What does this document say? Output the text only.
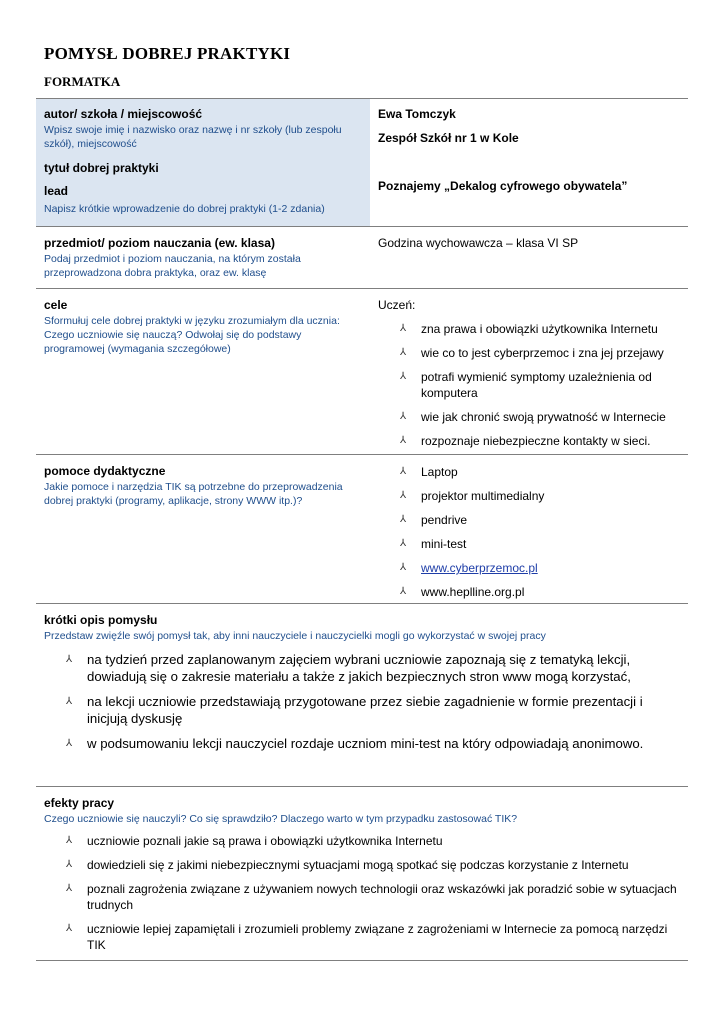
POMYSŁ DOBREJ PRAKTYKI
FORMATKA
autor/ szkoła / miejscowość
Wpisz swoje imię i nazwisko oraz nazwę i nr szkoły (lub zespołu szkół), miejscowość
tytuł dobrej praktyki
lead
Napisz krótkie wprowadzenie do dobrej praktyki (1-2 zdania)
Ewa Tomczyk
Zespół Szkół nr 1 w Kole
Poznajemy „Dekalog cyfrowego obywatela”
przedmiot/ poziom nauczania (ew. klasa)
Podaj przedmiot i poziom nauczania, na którym została przeprowadzona dobra praktyka, oraz ew. klasę
Godzina wychowawcza – klasa VI SP
cele
Sformułuj cele dobrej praktyki w języku zrozumiałym dla ucznia: Czego uczniowie się nauczą? Odwołaj się do podstawy programowej (wymagania szczegółowe)
Uczeń:
⅄ zna prawa i obowiązki użytkownika Internetu
⅄ wie co to jest cyberprzemoc i zna jej przejawy
⅄ potrafi wymienić symptomy uzależnienia od komputera
⅄ wie jak chronić swoją prywatność w Internecie
⅄ rozpoznaje niebezpieczne kontakty w sieci.
pomoce dydaktyczne
Jakie pomoce i narzędzia TIK są potrzebne do przeprowadzenia dobrej praktyki (programy, aplikacje, strony WWW itp.)?
⅄ Laptop
⅄ projektor multimedialny
⅄ pendrive
⅄ mini-test
⅄ www.cyberprzemoc.pl
⅄ www.heplline.org.pl
krótki opis pomysłu
Przedstaw zwięźle swój pomysł tak, aby inni nauczyciele i nauczycielki mogli go wykorzystać w swojej pracy
⅄ na tydzień przed zaplanowanym zajęciem wybrani uczniowie zapoznają się z tematyką lekcji, dowiadują się o zakresie materiału a także z jakich bezpiecznych stron www mogą korzystać,
⅄ na lekcji uczniowie przedstawiają przygotowane przez siebie zagadnienie w formie prezentacji i inicjują dyskusję
⅄ w podsumowaniu lekcji nauczyciel rozdaje uczniom mini-test na który odpowiadają anonimowo.
efekty pracy
Czego uczniowie się nauczyli? Co się sprawdziło? Dlaczego warto w tym przypadku zastosować TIK?
⅄ uczniowie poznali jakie są prawa i obowiązki użytkownika Internetu
⅄ dowiedzieli się z jakimi niebezpiecznymi sytuacjami mogą spotkać się podczas korzystanie z Internetu
⅄ poznali zagrożenia związane z używaniem nowych technologii oraz wskazówki jak poradzić sobie w sytuacjach trudnych
⅄ uczniowie lepiej zapamiętali i zrozumieli problemy związane z zagrożeniami w Internecie za pomocą narzędzi TIK
